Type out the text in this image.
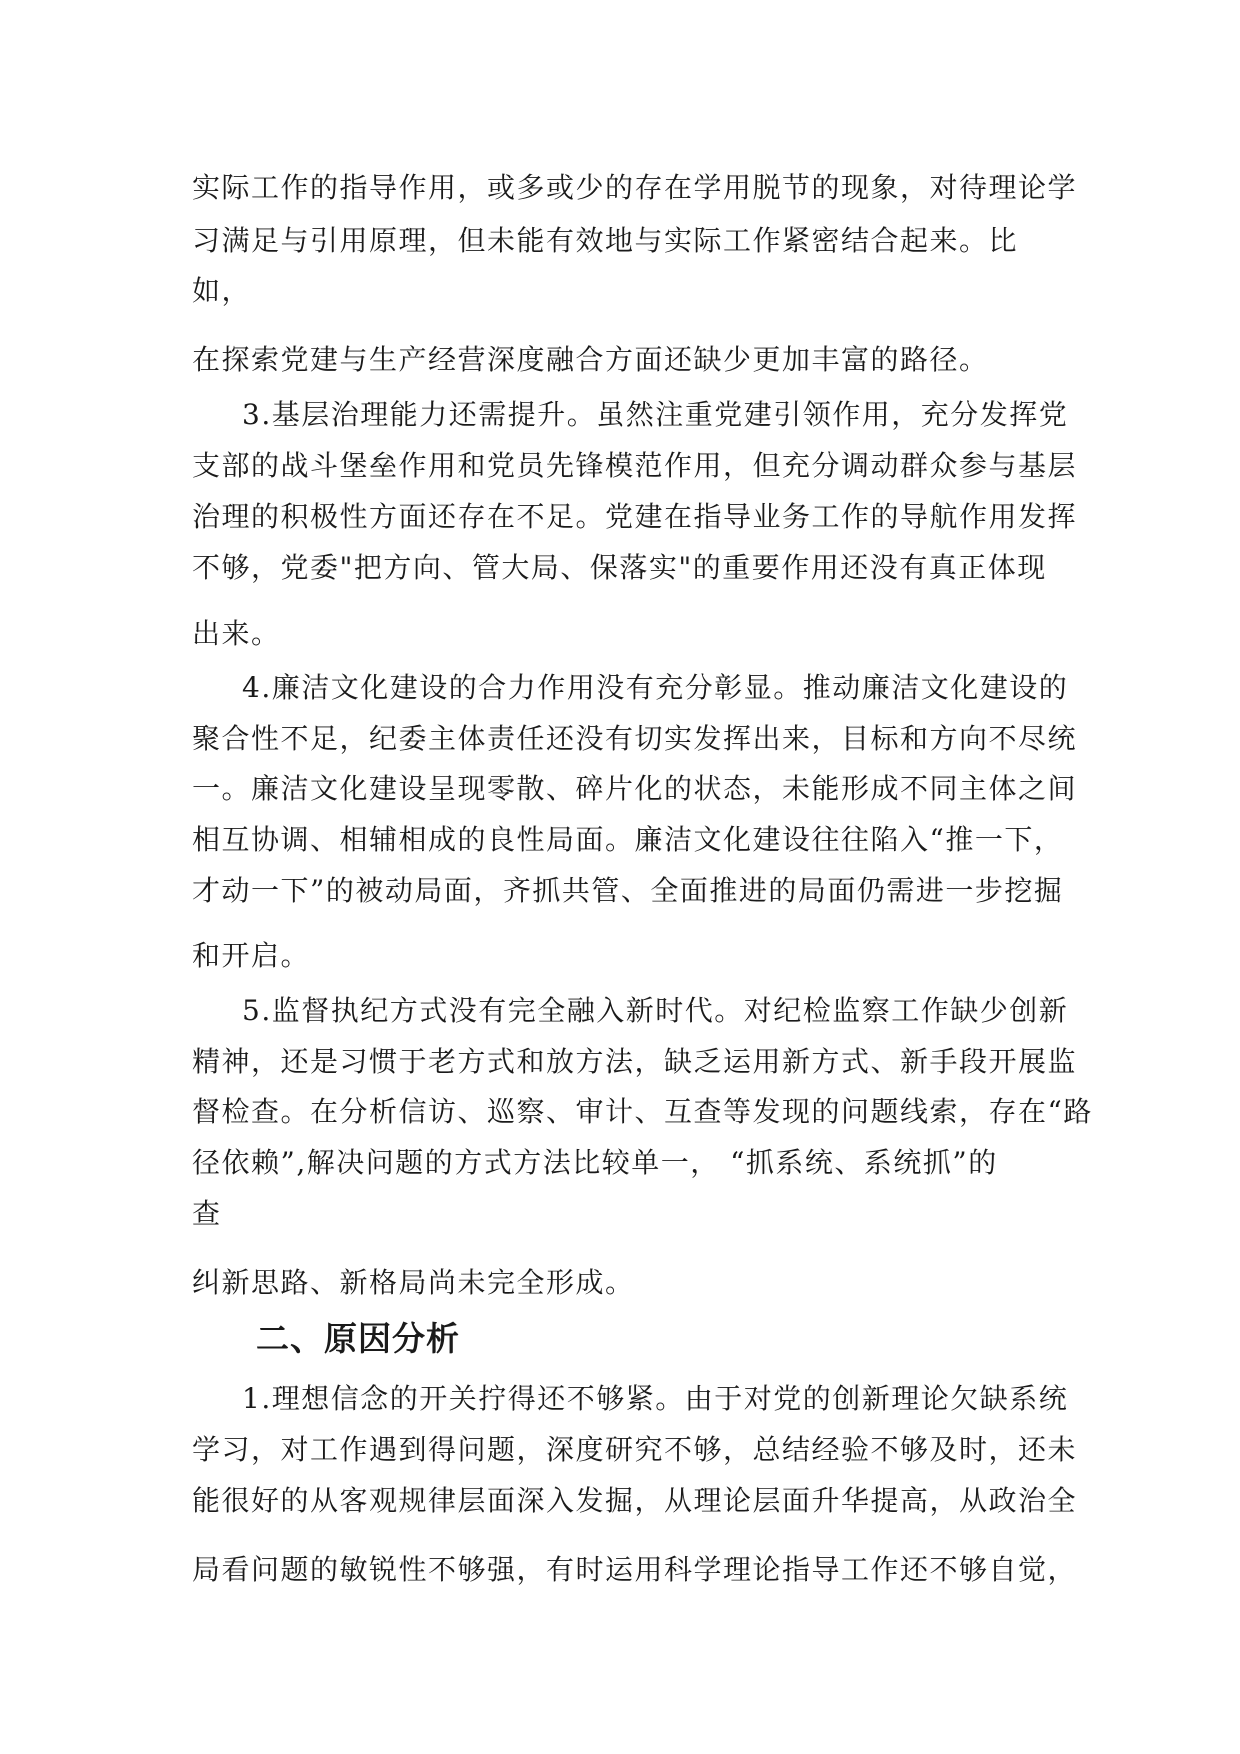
实际工作的指导作用，或多或少的存在学用脱节的现象，对待理论学
习满足与引用原理，但未能有效地与实际工作紧密结合起来。比
如，
在探索党建与生产经营深度融合方面还缺少更加丰富的路径。
3.基层治理能力还需提升。虽然注重党建引领作用，充分发挥党
支部的战斗堡垒作用和党员先锋模范作用，但充分调动群众参与基层
治理的积极性方面还存在不足。党建在指导业务工作的导航作用发挥
不够，党委"把方向、管大局、保落实"的重要作用还没有真正体现
出来。
4.廉洁文化建设的合力作用没有充分彰显。推动廉洁文化建设的
聚合性不足，纪委主体责任还没有切实发挥出来，目标和方向不尽统
一。廉洁文化建设呈现零散、碎片化的状态，未能形成不同主体之间
相互协调、相辅相成的良性局面。廉洁文化建设往往陷入“推一下，
才动一下”的被动局面，齐抓共管、全面推进的局面仍需进一步挖掘
和开启。
5.监督执纪方式没有完全融入新时代。对纪检监察工作缺少创新
精神，还是习惯于老方式和放方法，缺乏运用新方式、新手段开展监
督检查。在分析信访、巡察、审计、互查等发现的问题线索，存在“路
径依赖”,解决问题的方式方法比较单一， “抓系统、系统抓”的
查
纠新思路、新格局尚未完全形成。
二、原因分析
1.理想信念的开关拧得还不够紧。由于对党的创新理论欠缺系统
学习，对工作遇到得问题，深度研究不够，总结经验不够及时，还未
能很好的从客观规律层面深入发掘，从理论层面升华提高，从政治全
局看问题的敏锐性不够强，有时运用科学理论指导工作还不够自觉，
